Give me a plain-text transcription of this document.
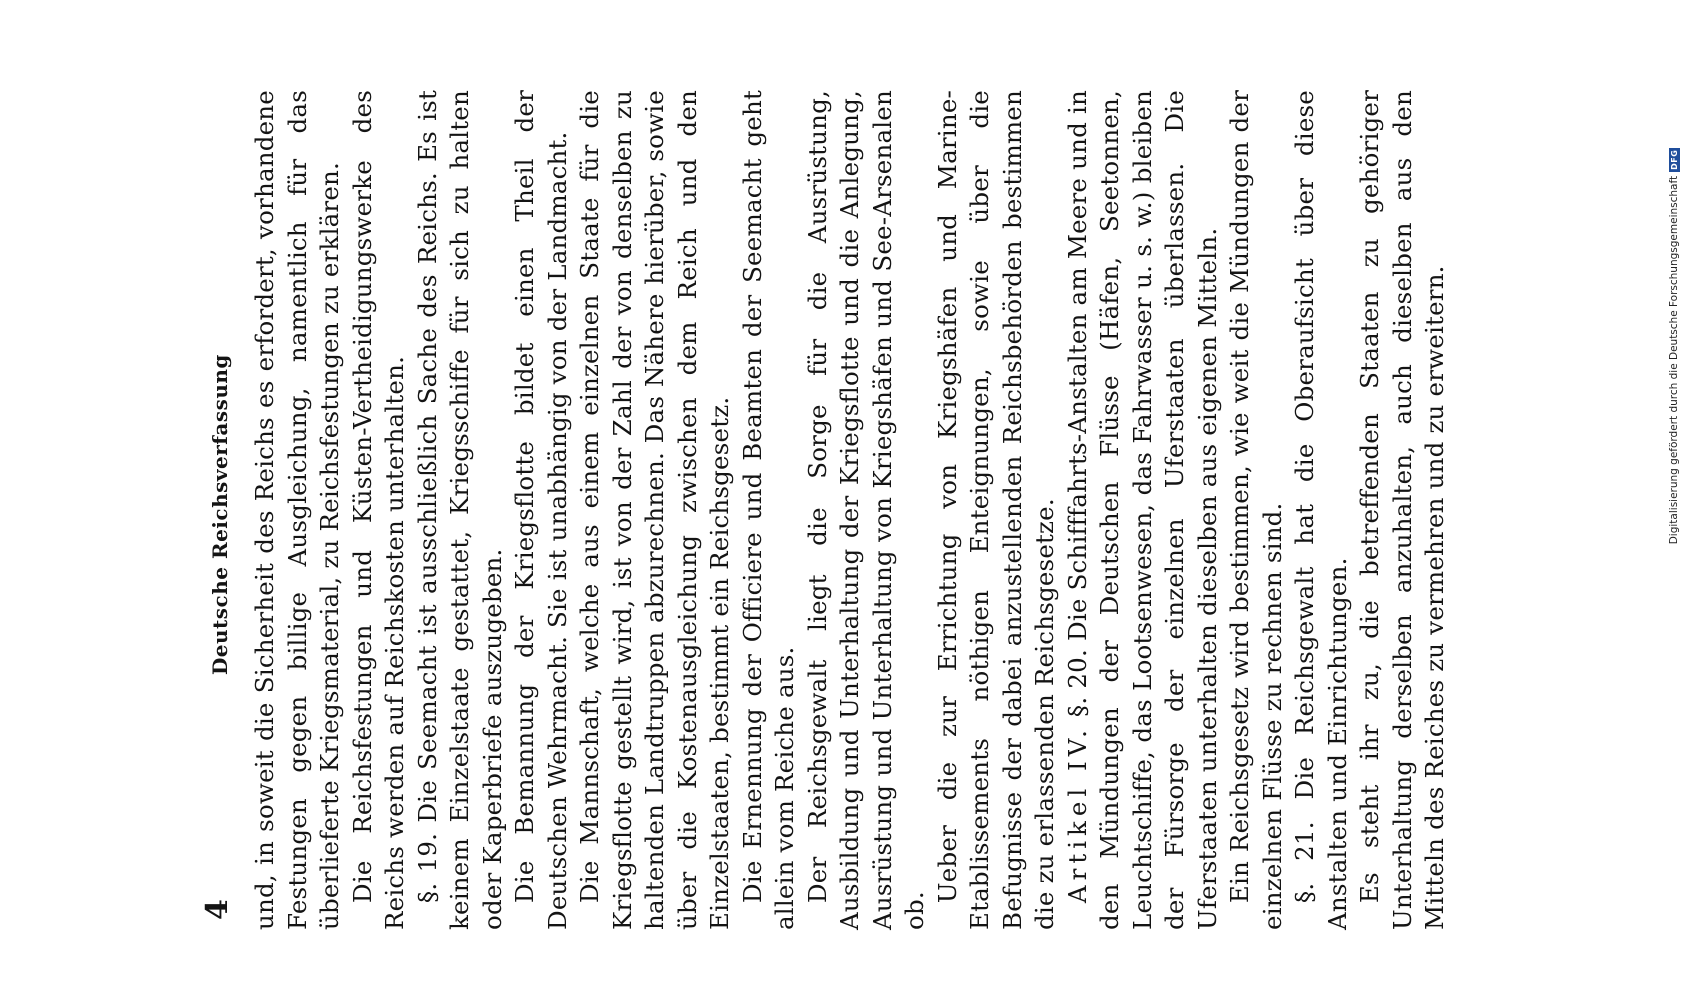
4
Deutsche Reichsverfassung und, in soweit die Sicherheit des Reichs es erfordert, vorhandene Festungen gegen billige Ausgleichung, namentlich für das überlieferte Kriegsmaterial, zu Reichsfestungen zu erklären. Die Reichsfestungen und Küsten-Vertheidigungswerke des Reichs werden auf Reichskosten unterhalten. §. 19. Die Seemacht ist ausschließlich Sache des Reichs. Es ist keinem Einzelstaate gestattet, Kriegsschiffe für sich zu halten oder Kaperbriefe auszugeben. Die Bemannung der Kriegsflotte bildet einen Theil der Deutschen Wehrmacht. Sie ist unabhängig von der Landmacht. Die Mannschaft, welche aus einem einzelnen Staate für die Kriegsflotte gestellt wird, ist von der Zahl der von denselben zu haltenden Landtruppen abzurechnen. Das Nähere hierüber, sowie über die Kostenausgleichung zwischen dem Reich und den Einzelstaaten, bestimmt ein Reichsgesetz. Die Ernennung der Officiere und Beamten der Seemacht geht allein vom Reiche aus. Der Reichsgewalt liegt die Sorge für die Ausrüstung, Ausbildung und Unterhaltung der Kriegsflotte und die Anlegung, Ausrüstung und Unterhaltung von Kriegshäfen und See-Arsenalen ob.

Ueber die zur Errichtung von Kriegshäfen und Marine-Etablissements nöthigen Enteignungen, sowie über die Befugnisse der dabei anzustellenden Reichsbehörden bestimmen die zu erlassenden Reichsgesetze. Artikel IV. §. 20. Die Schifffahrts-Anstalten am Meere und in den Mündungen der Deutschen Flüsse (Häfen, Seetonnen, Leuchtschiffe, das Lootsenwesen, das Fahrwasser u. s. w.) bleiben der Fürsorge der einzelnen Uferstaaten überlassen. Die Uferstaaten unterhalten dieselben aus eigenen Mitteln. Ein Reichsgesetz wird bestimmen, wie weit die Mündungen der einzelnen Flüsse zu rechnen sind. §. 21. Die Reichsgewalt hat die Oberaufsicht über diese Anstalten und Einrichtungen. Es steht ihr zu, die betreffenden Staaten zu gehöriger Unterhaltung derselben anzuhalten, auch dieselben aus den Mitteln des Reiches zu vermehren und zu erweitern.	Digitalisierung gefördert durch die Deutsche Forschungsgemeinschaft
DFG
